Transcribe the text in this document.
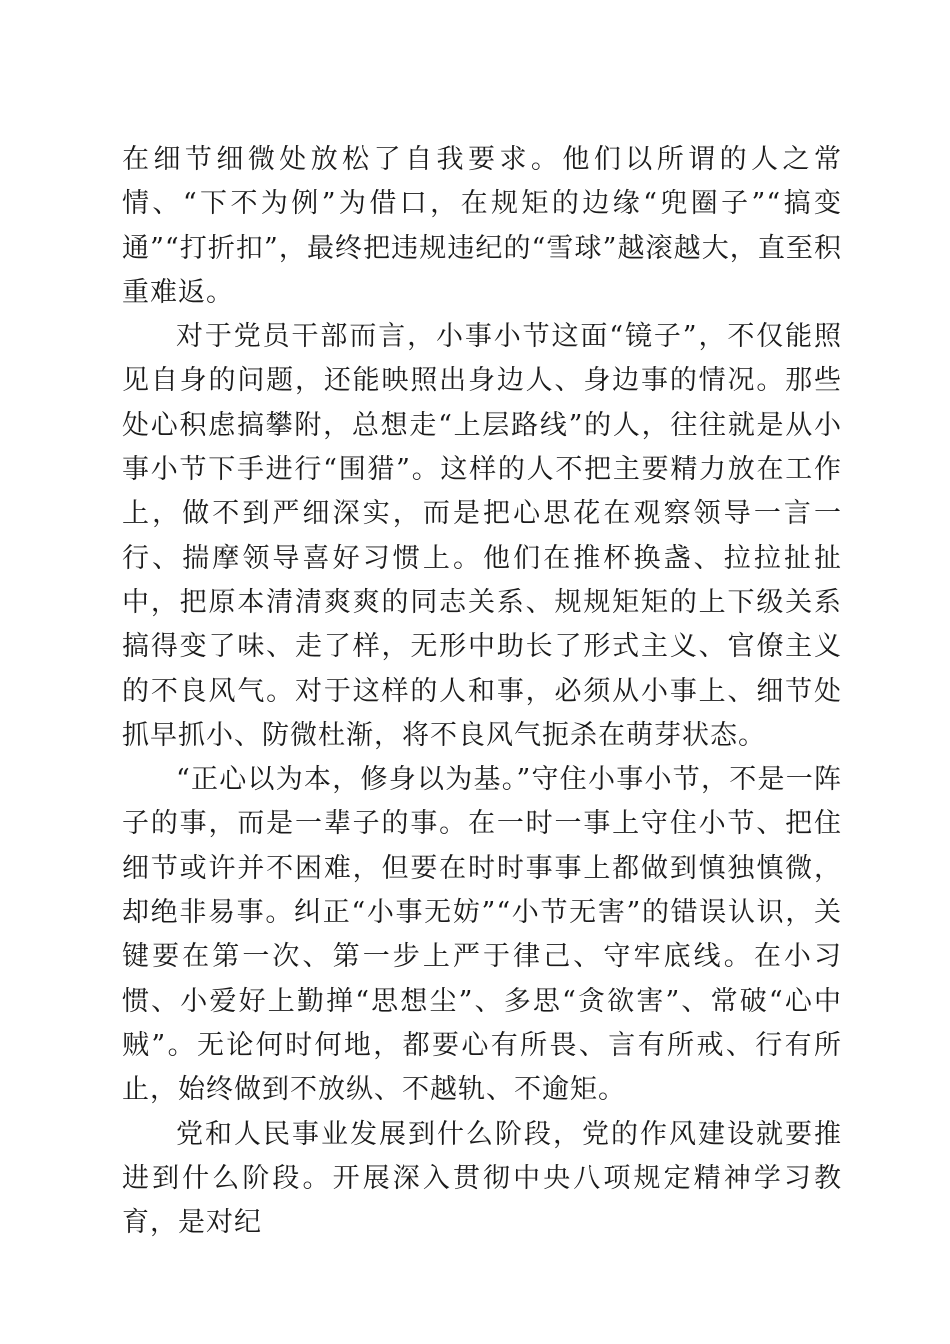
在细节细微处放松了自我要求。他们以所谓的人之常情、“下不为例”为借口，在规矩的边缘“兜圈子”“搞变通”“打折扣”，最终把违规违纪的“雪球”越滚越大，直至积重难返。

对于党员干部而言，小事小节这面“镜子”，不仅能照见自身的问题，还能映照出身边人、身边事的情况。那些处心积虑搞攀附，总想走“上层路线”的人，往往就是从小事小节下手进行“围猎”。这样的人不把主要精力放在工作上，做不到严细深实，而是把心思花在观察领导一言一行、揣摩领导喜好习惯上。他们在推杯换盏、拉拉扯扯中，把原本清清爽爽的同志关系、规规矩矩的上下级关系搞得变了味、走了样，无形中助长了形式主义、官僚主义的不良风气。对于这样的人和事，必须从小事上、细节处抓早抓小、防微杜渐，将不良风气扼杀在萌芽状态。

“正心以为本，修身以为基。”守住小事小节，不是一阵子的事，而是一辈子的事。在一时一事上守住小节、把住细节或许并不困难，但要在时时事事上都做到慎独慎微，却绝非易事。纠正“小事无妨”“小节无害”的错误认识，关键要在第一次、第一步上严于律己、守牢底线。在小习惯、小爱好上勤掸“思想尘”、多思“贪欲害”、常破“心中贼”。无论何时何地，都要心有所畏、言有所戒、行有所止，始终做到不放纵、不越轨、不逾矩。

党和人民事业发展到什么阶段，党的作风建设就要推进到什么阶段。开展深入贯彻中央八项规定精神学习教育，是对纪
